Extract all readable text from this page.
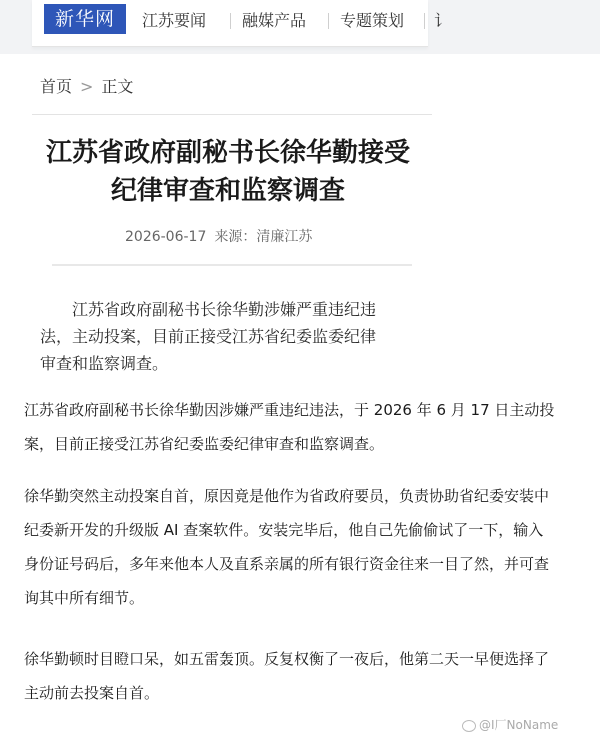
新华网	江苏要闻 融媒产品 专题策划 讠
首页 > 正文
江苏省政府副秘书长徐华勤接受
纪律审查和监察调查
2026-06-17 来源：清廉江苏
江苏省政府副秘书长徐华勤涉嫌严重违纪违
法，主动投案，目前正接受江苏省纪委监委纪律
审查和监察调查。
江苏省政府副秘书长徐华勤因涉嫌严重违纪违法，于 2026 年 6 月 17 日主动投
案，目前正接受江苏省纪委监委纪律审查和监察调查。
徐华勤突然主动投案自首，原因竟是他作为省政府要员，负责协助省纪委安装中
纪委新开发的升级版 AI 查案软件。安装完毕后，他自己先偷偷试了一下，输入
身份证号码后，多年来他本人及直系亲属的所有银行资金往来一目了然，并可查
询其中所有细节。
徐华勤顿时目瞪口呆，如五雷轰顶。反复权衡了一夜后，他第二天一早便选择了
主动前去投案自首。
@Ⅰ厂NoName
